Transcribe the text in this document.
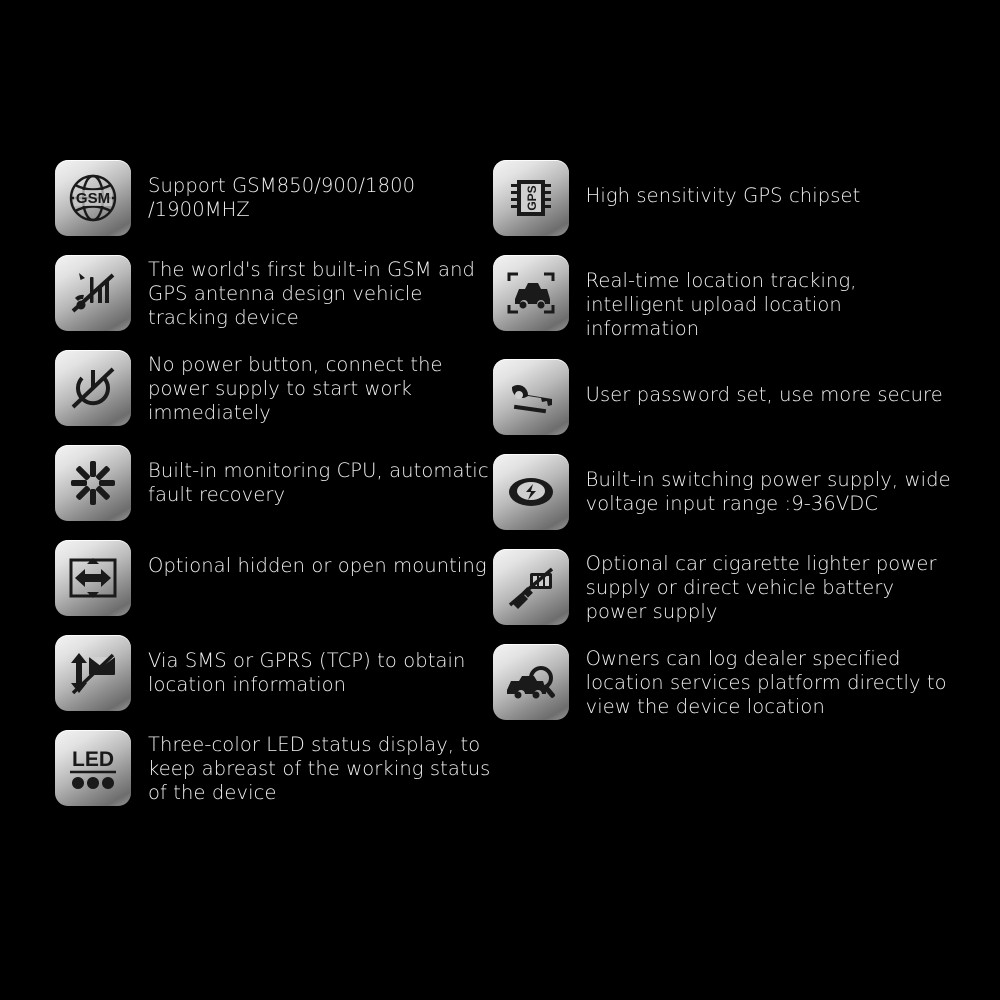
GSM
Support GSM850/900/1800 /1900MHZ
The world's first built-in GSM and GPS antenna design vehicle tracking device
No power button, connect the power supply to start work immediately
Built-in monitoring CPU, automatic fault recovery
Optional hidden or open mounting
Via SMS or GPRS (TCP) to obtain location information
LED
Three-color LED status display, to keep abreast of the working status of the device
GPS High sensitivity GPS chipset
Real-time location tracking, intelligent upload location information
User password set, use more secure
Built-in switching power supply, wide voltage input range :9-36VDC
Optional car cigarette lighter power supply or direct vehicle battery power supply
Owners can log dealer specified location services platform directly to view the device location
